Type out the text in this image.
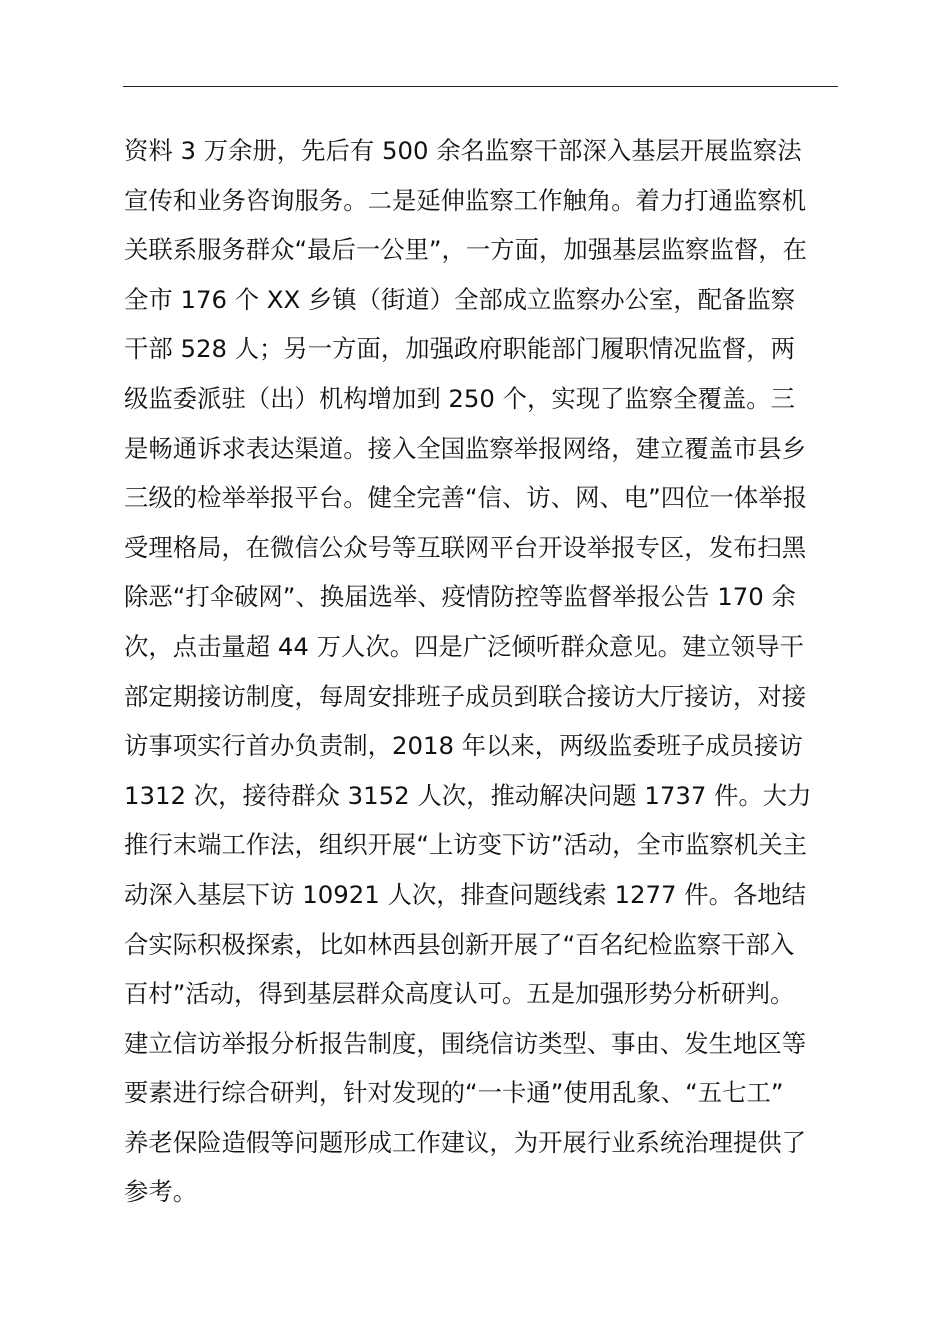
资料 3 万余册，先后有 500 余名监察干部深入基层开展监察法
宣传和业务咨询服务。二是延伸监察工作触角。着力打通监察机
关联系服务群众“最后一公里”，一方面，加强基层监察监督，在
全市 176 个 XX 乡镇（街道）全部成立监察办公室，配备监察
干部 528 人；另一方面，加强政府职能部门履职情况监督，两
级监委派驻（出）机构增加到 250 个，实现了监察全覆盖。三
是畅通诉求表达渠道。接入全国监察举报网络，建立覆盖市县乡
三级的检举举报平台。健全完善“信、访、网、电”四位一体举报
受理格局，在微信公众号等互联网平台开设举报专区，发布扫黑
除恶“打伞破网”、换届选举、疫情防控等监督举报公告 170 余
次，点击量超 44 万人次。四是广泛倾听群众意见。建立领导干
部定期接访制度，每周安排班子成员到联合接访大厅接访，对接
访事项实行首办负责制，2018 年以来，两级监委班子成员接访
1312 次，接待群众 3152 人次，推动解决问题 1737 件。大力
推行末端工作法，组织开展“上访变下访”活动，全市监察机关主
动深入基层下访 10921 人次，排查问题线索 1277 件。各地结
合实际积极探索，比如林西县创新开展了“百名纪检监察干部入
百村”活动，得到基层群众高度认可。五是加强形势分析研判。
建立信访举报分析报告制度，围绕信访类型、事由、发生地区等
要素进行综合研判，针对发现的“一卡通”使用乱象、“五七工”
养老保险造假等问题形成工作建议，为开展行业系统治理提供了
参考。
